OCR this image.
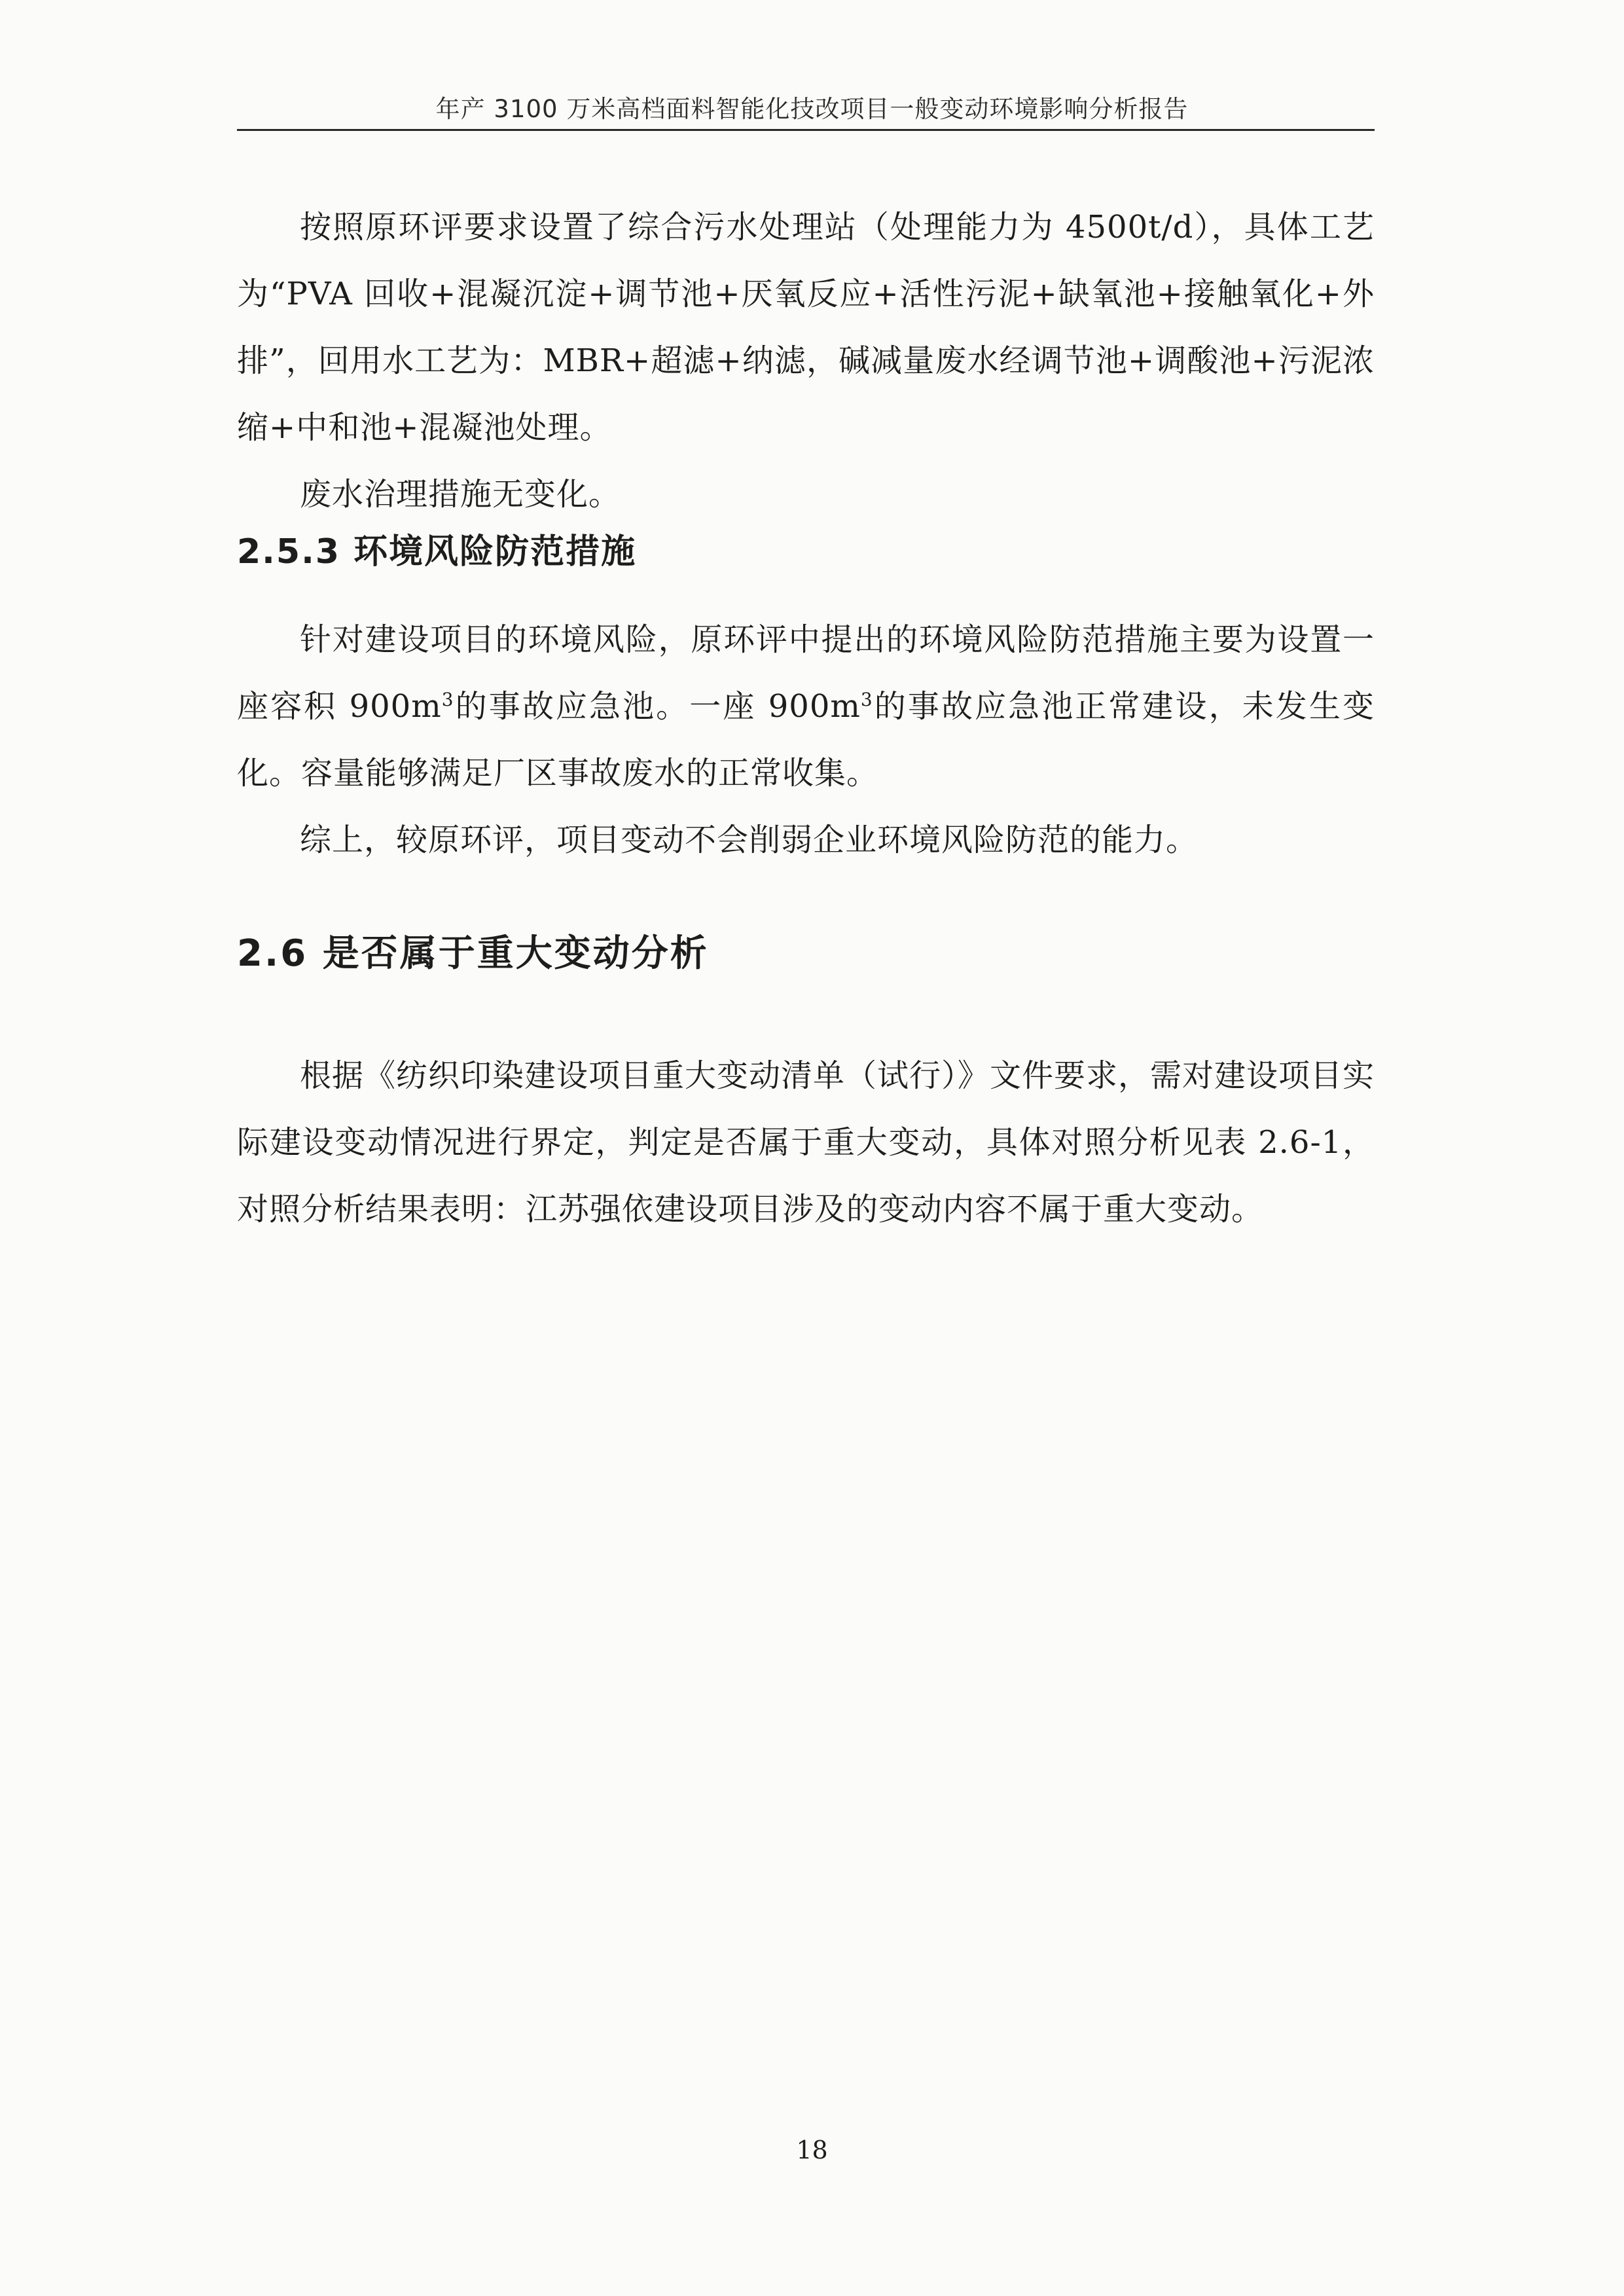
年产 3100 万米高档面料智能化技改项目一般变动环境影响分析报告

按照原环评要求设置了综合污水处理站（处理能力为 4500t/d），具体工艺为“PVA 回收+混凝沉淀+调节池+厌氧反应+活性污泥+缺氧池+接触氧化+外排”，回用水工艺为：MBR+超滤+纳滤，碱减量废水经调节池+调酸池+污泥浓缩+中和池+混凝池处理。

废水治理措施无变化。

2.5.3 环境风险防范措施

针对建设项目的环境风险，原环评中提出的环境风险防范措施主要为设置一座容积 $900m^3$的事故应急池。一座 $900m^3$的事故应急池正常建设，未发生变化。容量能够满足厂区事故废水的正常收集。

综上，较原环评，项目变动不会削弱企业环境风险防范的能力。

2.6 是否属于重大变动分析

根据《纺织印染建设项目重大变动清单（试行）》文件要求，需对建设项目实际建设变动情况进行界定，判定是否属于重大变动，具体对照分析见表 2.6-1，对照分析结果表明：江苏强依建设项目涉及的变动内容不属于重大变动。

18
